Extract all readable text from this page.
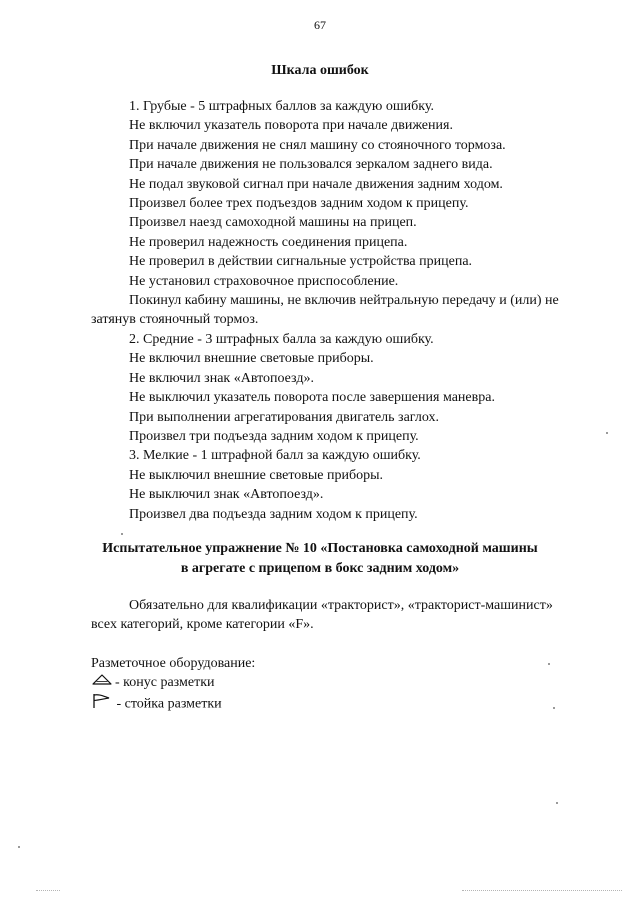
67
Шкала ошибок
1. Грубые - 5 штрафных баллов за каждую ошибку.
Не включил указатель поворота при начале движения.
При начале движения не снял машину со стояночного тормоза.
При начале движения не пользовался зеркалом заднего вида.
Не подал звуковой сигнал при начале движения задним ходом.
Произвел более трех подъездов задним ходом к прицепу.
Произвел наезд самоходной машины на прицеп.
Не проверил надежность соединения прицепа.
Не проверил в действии сигнальные устройства прицепа.
Не установил страховочное приспособление.
Покинул кабину машины, не включив нейтральную передачу и (или) не
затянув стояночный тормоз.
2. Средние - 3 штрафных балла за каждую ошибку.
Не включил внешние световые приборы.
Не включил знак «Автопоезд».
Не выключил указатель поворота после завершения маневра.
При выполнении агрегатирования двигатель заглох.
Произвел три подъезда задним ходом к прицепу.
3. Мелкие - 1 штрафной балл за каждую ошибку.
Не выключил внешние световые приборы.
Не выключил знак «Автопоезд».
Произвел два подъезда задним ходом к прицепу.
Испытательное упражнение № 10 «Постановка самоходной машины
в агрегате с прицепом в бокс задним ходом»
Обязательно для квалификации «тракторист», «тракторист-машинист»
всех категорий, кроме категории «F».
Разметочное оборудование:
- конус разметки
- стойка разметки
